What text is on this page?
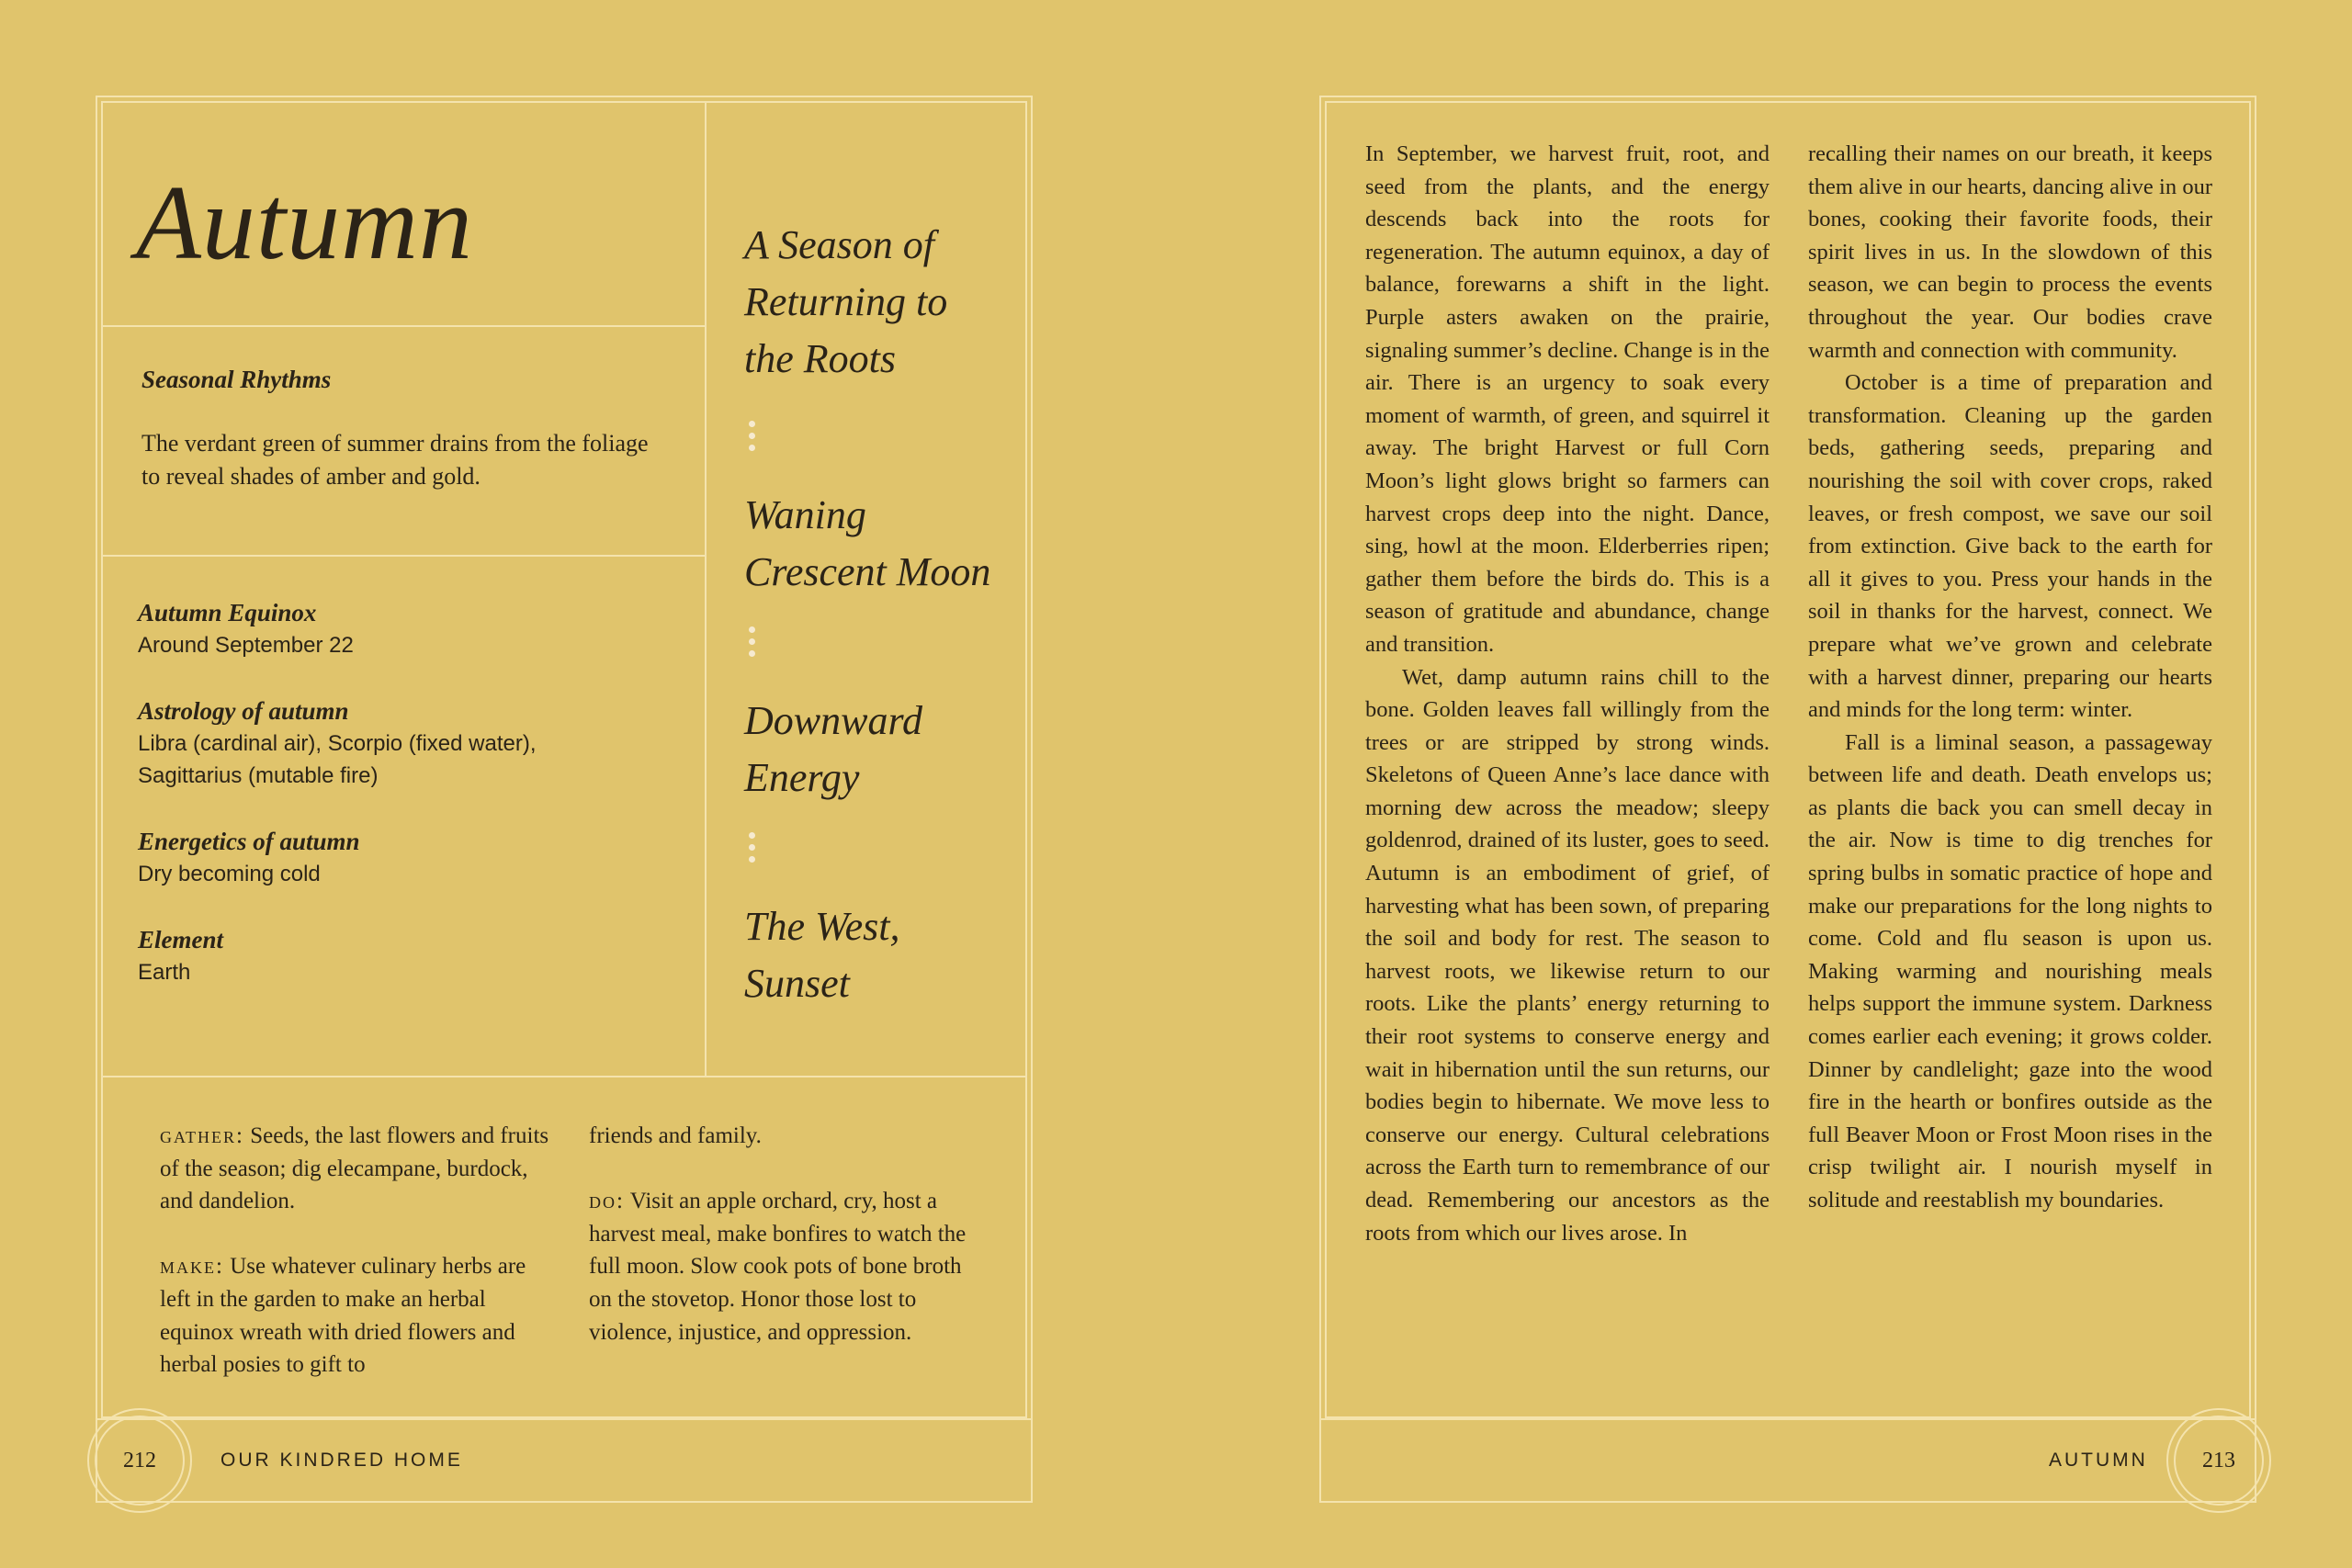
Autumn
Seasonal Rhythms

The verdant green of summer drains from the foliage to reveal shades of amber and gold.

Autumn Equinox
Around September 22
Astrology of autumn
Libra (cardinal air), Scorpio (fixed water), Sagittarius (mutable fire)
Energetics of autumn
Dry becoming cold
Element
Earth
A Season of Returning to the Roots
Waning Crescent Moon
Downward Energy
The West, Sunset

gather: Seeds, the last flowers and fruits of the season; dig elecampane, burdock, and dandelion.

make: Use whatever culinary herbs are left in the garden to make an herbal equinox wreath with dried flowers and herbal posies to gift to

friends and family.

do: Visit an apple orchard, cry, host a harvest meal, make bonfires to watch the full moon. Slow cook pots of bone broth on the stovetop. Honor those lost to violence, injustice, and oppression.

212	OUR KINDRED HOME

In September, we harvest fruit, root, and seed from the plants, and the energy descends back into the roots for regeneration. The autumn equinox, a day of balance, forewarns a shift in the light. Purple asters awaken on the prairie, signaling summer’s decline. Change is in the air. There is an urgency to soak every moment of warmth, of green, and squirrel it away. The bright Harvest or full Corn Moon’s light glows bright so farmers can harvest crops deep into the night. Dance, sing, howl at the moon. Elderberries ripen; gather them before the birds do. This is a season of gratitude and abundance, change and transition.

Wet, damp autumn rains chill to the bone. Golden leaves fall willingly from the trees or are stripped by strong winds. Skeletons of Queen Anne’s lace dance with morning dew across the meadow; sleepy goldenrod, drained of its luster, goes to seed. Autumn is an embodiment of grief, of harvesting what has been sown, of preparing the soil and body for rest. The season to harvest roots, we likewise return to our roots. Like the plants’ energy returning to their root systems to conserve energy and wait in hibernation until the sun returns, our bodies begin to hibernate. We move less to conserve our energy. Cultural celebrations across the Earth turn to remembrance of our dead. Remembering our ancestors as the roots from which our lives arose. In

recalling their names on our breath, it keeps them alive in our hearts, dancing alive in our bones, cooking their favorite foods, their spirit lives in us. In the slowdown of this season, we can begin to process the events throughout the year. Our bodies crave warmth and connection with community.

October is a time of preparation and transformation. Cleaning up the garden beds, gathering seeds, preparing and nourishing the soil with cover crops, raked leaves, or fresh compost, we save our soil from extinction. Give back to the earth for all it gives to you. Press your hands in the soil in thanks for the harvest, connect. We prepare what we’ve grown and celebrate with a harvest dinner, preparing our hearts and minds for the long term: winter.

Fall is a liminal season, a passageway between life and death. Death envelops us; as plants die back you can smell decay in the air. Now is time to dig trenches for spring bulbs in somatic practice of hope and make our preparations for the long nights to come. Cold and flu season is upon us. Making warming and nourishing meals helps support the immune system. Darkness comes earlier each evening; it grows colder. Dinner by candlelight; gaze into the wood fire in the hearth or bonfires outside as the full Beaver Moon or Frost Moon rises in the crisp twilight air. I nourish myself in solitude and reestablish my boundaries.

AUTUMN	213
